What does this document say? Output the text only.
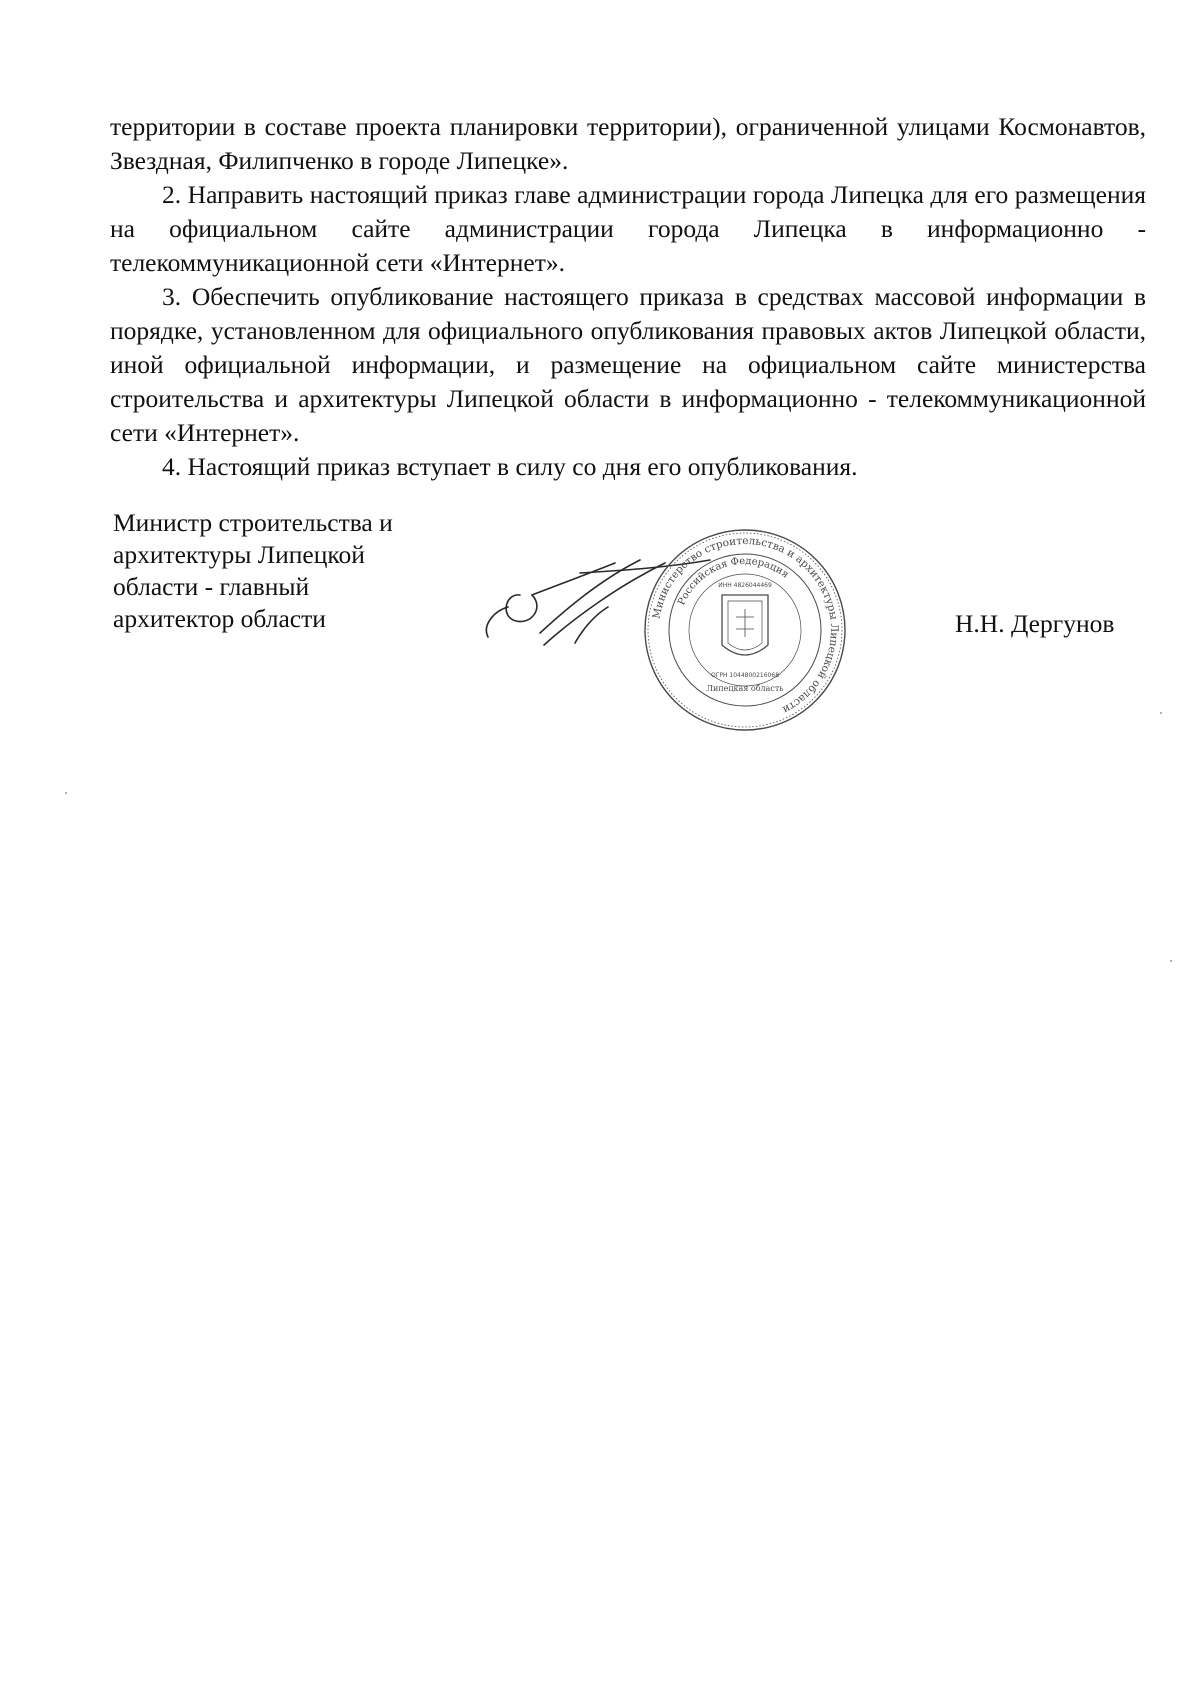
территории в составе проекта планировки территории), ограниченной улицами Космонавтов, Звездная, Филипченко в городе Липецке».

2. Направить настоящий приказ главе администрации города Липецка для его размещения на официальном сайте администрации города Липецка в информационно - телекоммуникационной сети «Интернет».

3. Обеспечить опубликование настоящего приказа в средствах массовой информации в порядке, установленном для официального опубликования правовых актов Липецкой области, иной официальной информации, и размещение на официальном сайте министерства строительства и архитектуры Липецкой области в информационно - телекоммуникационной сети «Интернет».

4. Настоящий приказ вступает в силу со дня его опубликования.

Министр строительства и
архитектуры Липецкой
области - главный
архитектор области	Министерство строительства и архитектуры Липецкой области
Российская Федерация
ИНН 4826044469
ОГРН 1044800216068
Липецкая область
Н.Н. Дергунов
